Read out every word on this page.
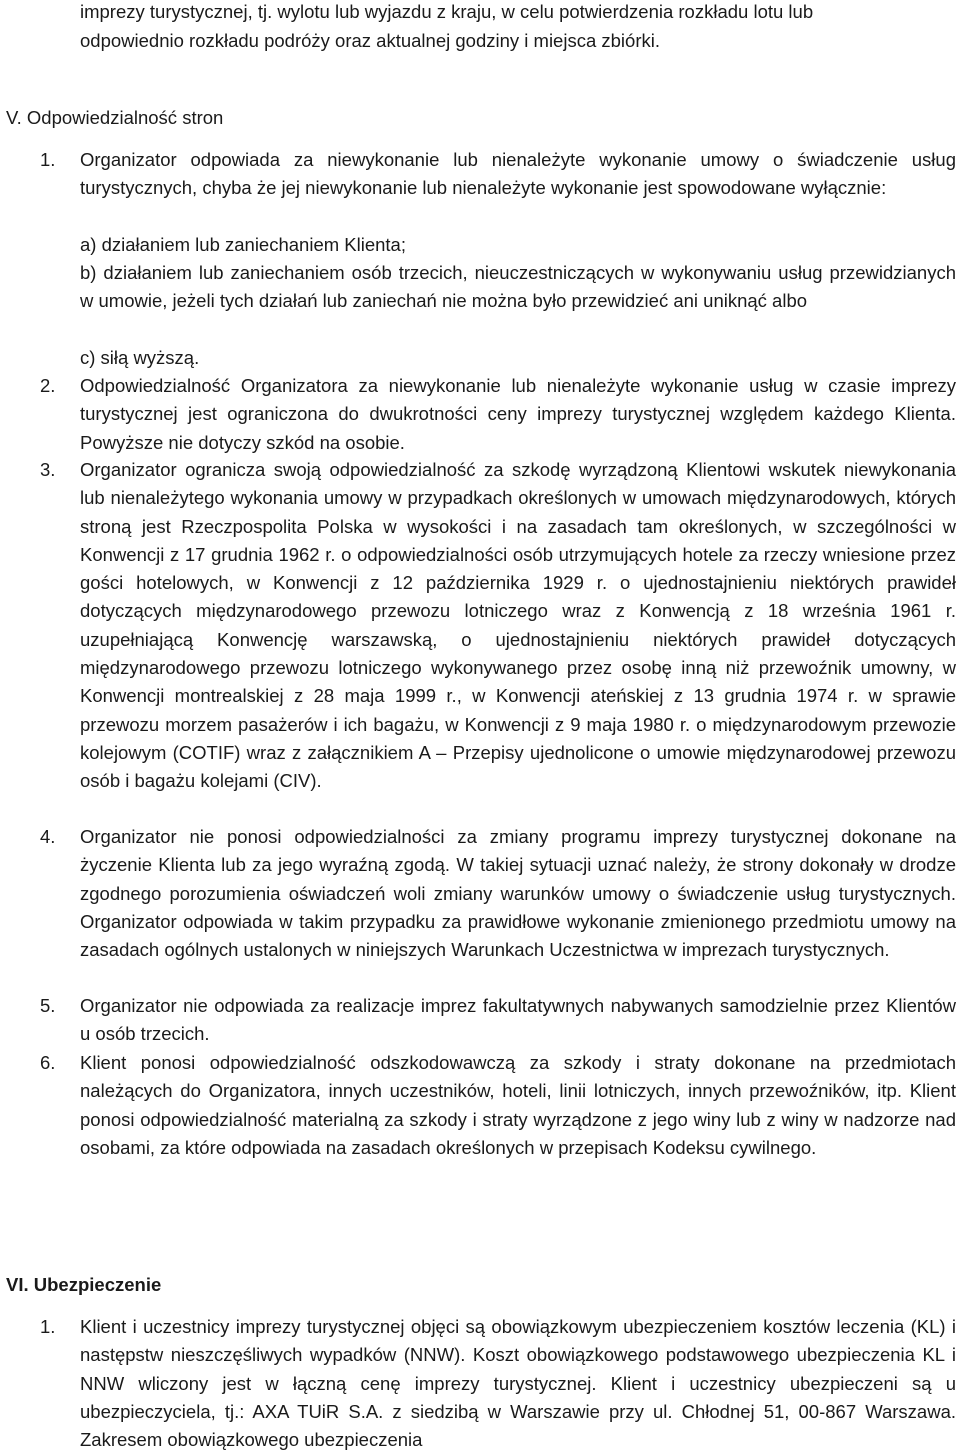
imprezy turystycznej, tj. wylotu lub wyjazdu z kraju, w celu potwierdzenia rozkładu lotu lub
odpowiednio rozkładu podróży oraz aktualnej godziny i miejsca zbiórki.
V. Odpowiedzialność stron
1. Organizator odpowiada za niewykonanie lub nienależyte wykonanie umowy o świadczenie usług turystycznych, chyba że jej niewykonanie lub nienależyte wykonanie jest spowodowane wyłącznie:
a) działaniem lub zaniechaniem Klienta;
b) działaniem lub zaniechaniem osób trzecich, nieuczestniczących w wykonywaniu usług przewidzianych w umowie, jeżeli tych działań lub zaniechań nie można było przewidzieć ani uniknąć albo
c) siłą wyższą.
2. Odpowiedzialność Organizatora za niewykonanie lub nienależyte wykonanie usług w czasie imprezy turystycznej jest ograniczona do dwukrotności ceny imprezy turystycznej względem każdego Klienta. Powyższe nie dotyczy szkód na osobie.
3. Organizator ogranicza swoją odpowiedzialność za szkodę wyrządzoną Klientowi wskutek niewykonania lub nienależytego wykonania umowy w przypadkach określonych w umowach międzynarodowych, których stroną jest Rzeczpospolita Polska w wysokości i na zasadach tam określonych, w szczególności w Konwencji z 17 grudnia 1962 r. o odpowiedzialności osób utrzymujących hotele za rzeczy wniesione przez gości hotelowych, w Konwencji z 12 października 1929 r. o ujednostajnieniu niektórych prawideł dotyczących międzynarodowego przewozu lotniczego wraz z Konwencją z 18 września 1961 r. uzupełniającą Konwencję warszawską, o ujednostajnieniu niektórych prawideł dotyczących międzynarodowego przewozu lotniczego wykonywanego przez osobę inną niż przewoźnik umowny, w Konwencji montrealskiej z 28 maja 1999 r., w Konwencji ateńskiej z 13 grudnia 1974 r. w sprawie przewozu morzem pasażerów i ich bagażu, w Konwencji z 9 maja 1980 r. o międzynarodowym przewozie kolejowym (COTIF) wraz z załącznikiem A – Przepisy ujednolicone o umowie międzynarodowej przewozu osób i bagażu kolejami (CIV).
4. Organizator nie ponosi odpowiedzialności za zmiany programu imprezy turystycznej dokonane na życzenie Klienta lub za jego wyraźną zgodą. W takiej sytuacji uznać należy, że strony dokonały w drodze zgodnego porozumienia oświadczeń woli zmiany warunków umowy o świadczenie usług turystycznych. Organizator odpowiada w takim przypadku za prawidłowe wykonanie zmienionego przedmiotu umowy na zasadach ogólnych ustalonych w niniejszych Warunkach Uczestnictwa w imprezach turystycznych.
5. Organizator nie odpowiada za realizacje imprez fakultatywnych nabywanych samodzielnie przez Klientów u osób trzecich.
6. Klient ponosi odpowiedzialność odszkodowawczą za szkody i straty dokonane na przedmiotach należących do Organizatora, innych uczestników, hoteli, linii lotniczych, innych przewoźników, itp. Klient ponosi odpowiedzialność materialną za szkody i straty wyrządzone z jego winy lub z winy w nadzorze nad osobami, za które odpowiada na zasadach określonych w przepisach Kodeksu cywilnego.
VI. Ubezpieczenie
1. Klient i uczestnicy imprezy turystycznej objęci są obowiązkowym ubezpieczeniem kosztów leczenia (KL) i następstw nieszczęśliwych wypadków (NNW). Koszt obowiązkowego podstawowego ubezpieczenia KL i NNW wliczony jest w łączną cenę imprezy turystycznej. Klient i uczestnicy ubezpieczeni są u ubezpieczyciela, tj.: AXA TUiR S.A. z siedzibą w Warszawie przy ul. Chłodnej 51, 00-867 Warszawa. Zakresem obowiązkowego ubezpieczenia
